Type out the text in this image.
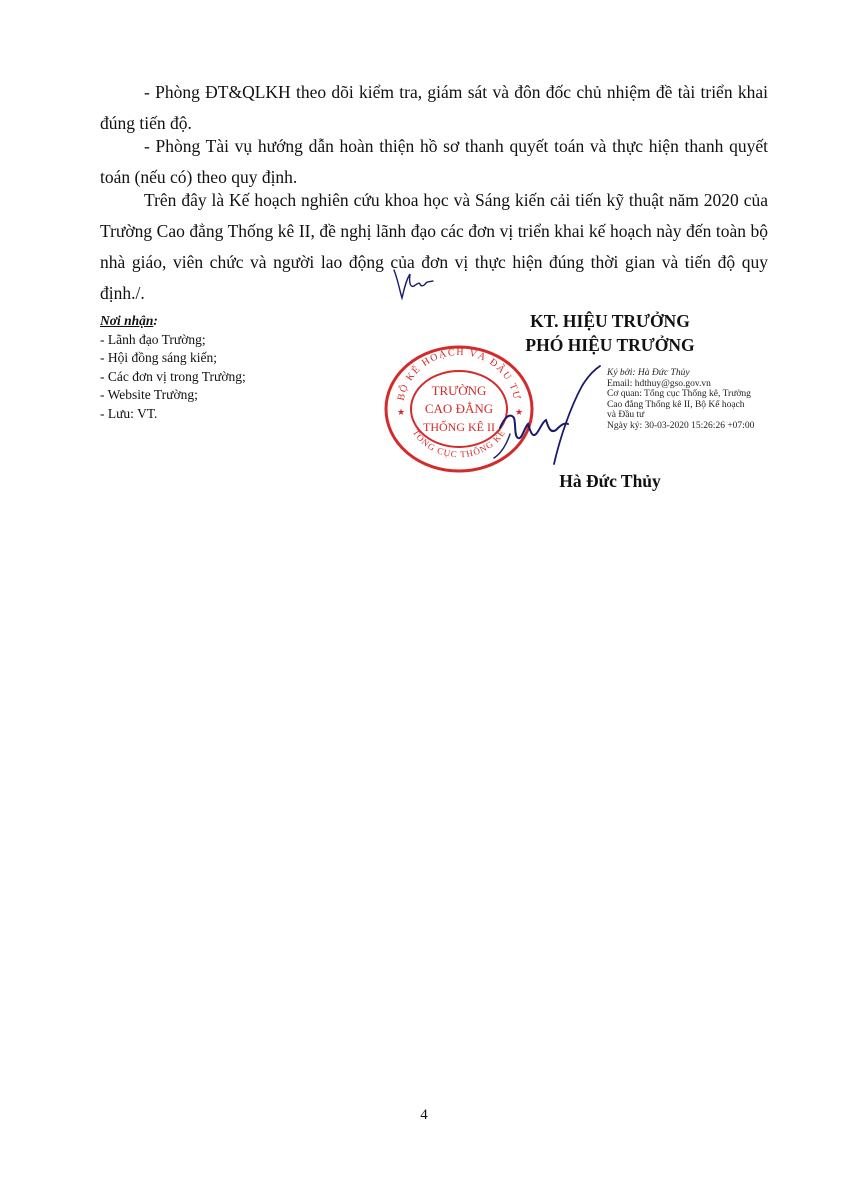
- Phòng ĐT&QLKH theo dõi kiểm tra, giám sát và đôn đốc chủ nhiệm đề tài triển khai đúng tiến độ.

- Phòng Tài vụ hướng dẫn hoàn thiện hồ sơ thanh quyết toán và thực hiện thanh quyết toán (nếu có) theo quy định.

Trên đây là Kế hoạch nghiên cứu khoa học và Sáng kiến cải tiến kỹ thuật năm 2020 của Trường Cao đẳng Thống kê II, đề nghị lãnh đạo các đơn vị triển khai kế hoạch này đến toàn bộ nhà giáo, viên chức và người lao động của đơn vị thực hiện đúng thời gian và tiến độ quy định./.

Nơi nhận:
- Lãnh đạo Trường;
- Hội đồng sáng kiến;
- Các đơn vị trong Trường;
- Website Trường;
- Lưu: VT.
KT. HIỆU TRƯỞNG
PHÓ HIỆU TRƯỞNG
BỘ KẾ HOẠCH VÀ ĐẦU TƯ
TỔNG CỤC THỐNG KÊ
TRƯỜNG
CAO ĐẲNG
THỐNG KÊ II
★	★
Ký bởi: Hà Đức Thủy
Email: hdthuy@gso.gov.vn
Cơ quan: Tổng cục Thống kê, Trường
Cao đẳng Thống kê II, Bộ Kế hoạch
và Đầu tư
Ngày ký: 30-03-2020 15:26:26 +07:00
Hà Đức Thủy
4
